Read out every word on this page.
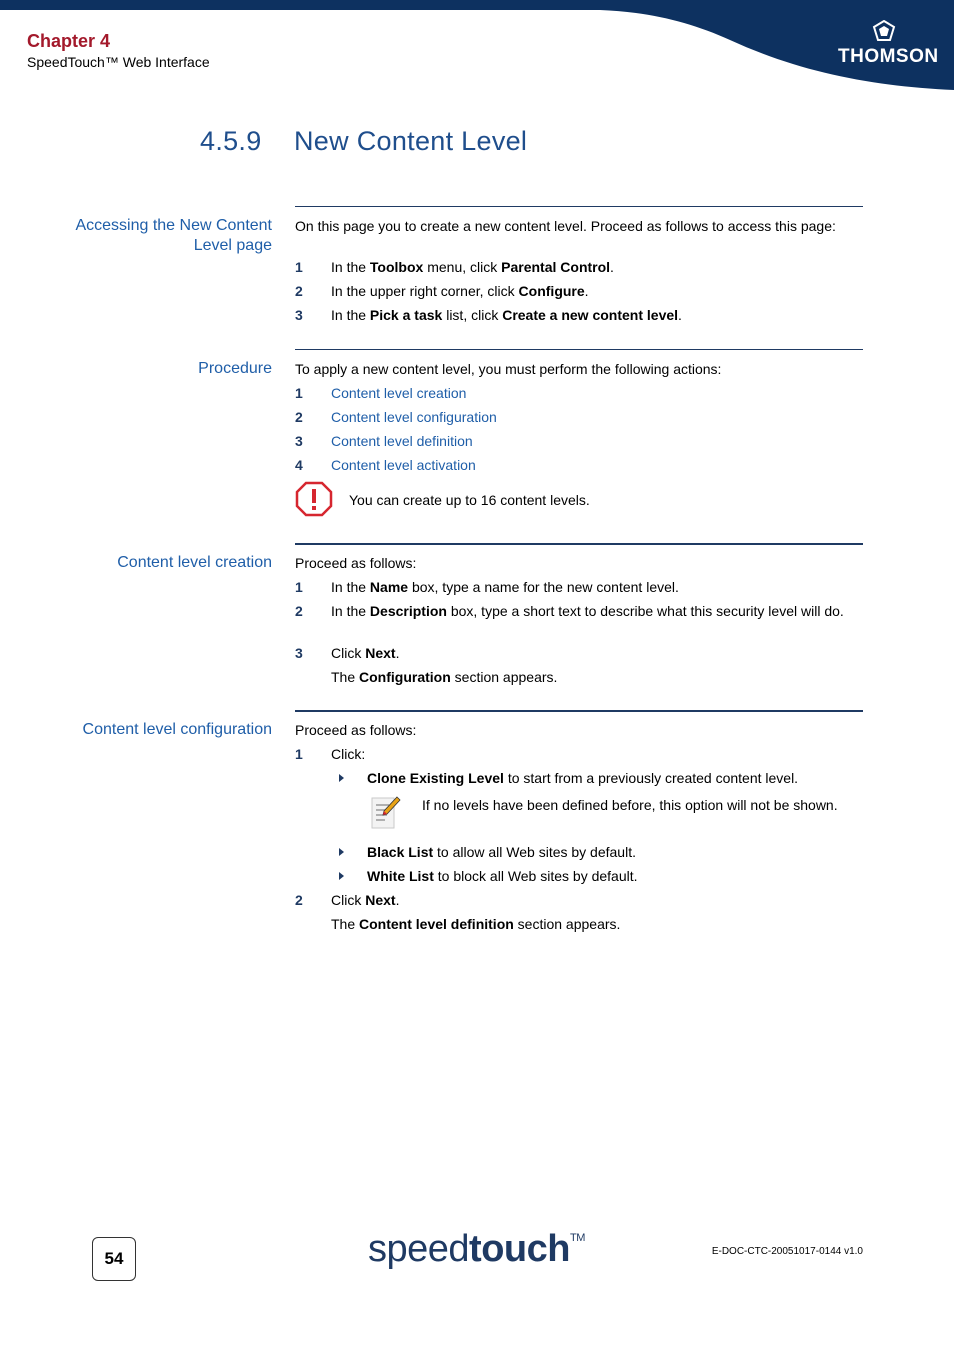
THOMSON
Chapter 4
SpeedTouch™ Web Interface
4.5.9 New Content Level
Accessing the New Content Level page
On this page you to create a new content level. Proceed as follows to access this page:
1 In the Toolbox menu, click Parental Control.
2 In the upper right corner, click Configure.
3 In the Pick a task list, click Create a new content level.
Procedure To apply a new content level, you must perform the following actions:
1 Content level creation
2 Content level configuration
3 Content level definition
4 Content level activation
You can create up to 16 content levels.
Content level creation Proceed as follows:
1 In the Name box, type a name for the new content level.
2 In the Description box, type a short text to describe what this security level will do.
3 Click Next.
The Configuration section appears.
Content level configuration Proceed as follows:
1 Click:
Clone Existing Level to start from a previously created content level.
If no levels have been defined before, this option will not be shown.
Black List to allow all Web sites by default.
White List to block all Web sites by default.
2 Click Next.
The Content level definition section appears.
54	speedtouch™
E-DOC-CTC-20051017-0144 v1.0
